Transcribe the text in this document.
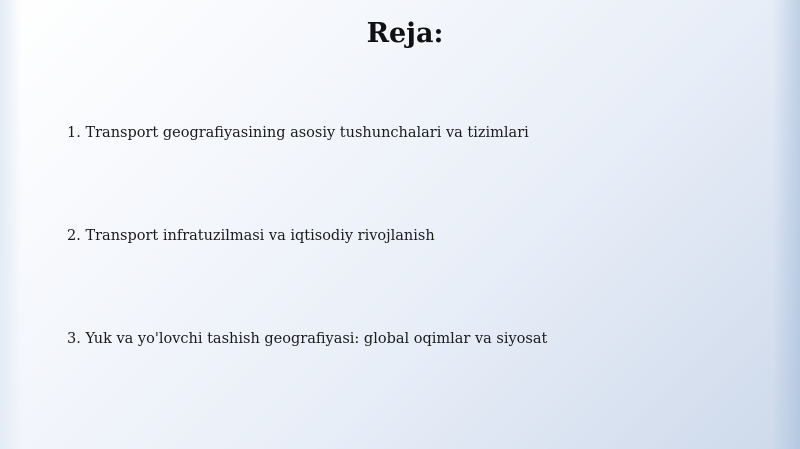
Reja:
1. Transport geografiyasining asosiy tushunchalari va tizimlari
2. Transport infratuzilmasi va iqtisodiy rivojlanish
3. Yuk va yo'lovchi tashish geografiyasi: global oqimlar va siyosat
